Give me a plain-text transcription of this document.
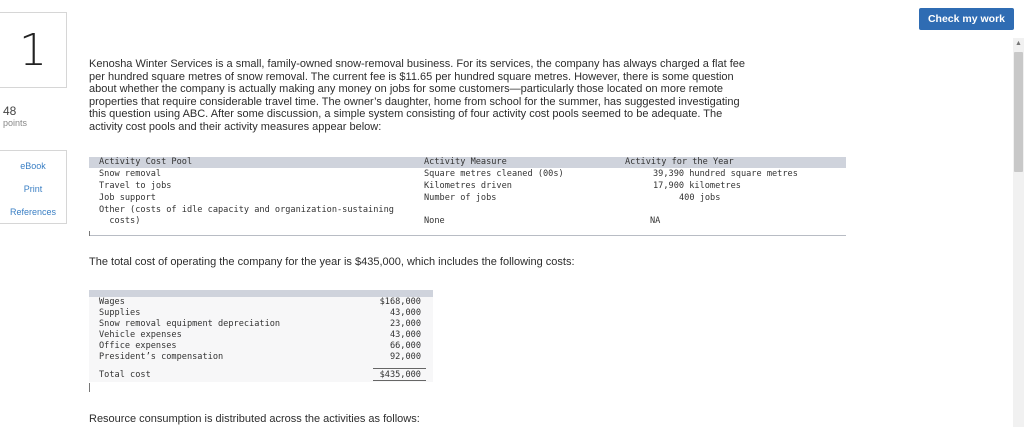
1
48
points
eBook
Print
References
Check my work
▲
Kenosha Winter Services is a small, family-owned snow-removal business. For its services, the company has always charged a flat fee
per hundred square metres of snow removal. The current fee is $11.65 per hundred square metres. However, there is some question
about whether the company is actually making any money on jobs for some customers—particularly those located on more remote
properties that require considerable travel time. The owner’s daughter, home from school for the summer, has suggested investigating
this question using ABC. After some discussion, a simple system consisting of four activity cost pools seemed to be adequate. The
activity cost pools and their activity measures appear below:
Activity Cost Pool	Activity Measure	Activity for the Year
Snow removal	Square metres cleaned (00s)	39,390 hundred square metres
Travel to jobs	Kilometres driven	17,900 kilometres
Job support	Number of jobs	400 jobs
Other (costs of idle capacity and organization-sustaining
costs)	None	NA
The total cost of operating the company for the year is $435,000, which includes the following costs:
Wages	$168,000
Supplies	43,000
Snow removal equipment depreciation	23,000
Vehicle expenses	43,000
Office expenses	66,000
President’s compensation	92,000
Total cost	$435,000
Resource consumption is distributed across the activities as follows:
